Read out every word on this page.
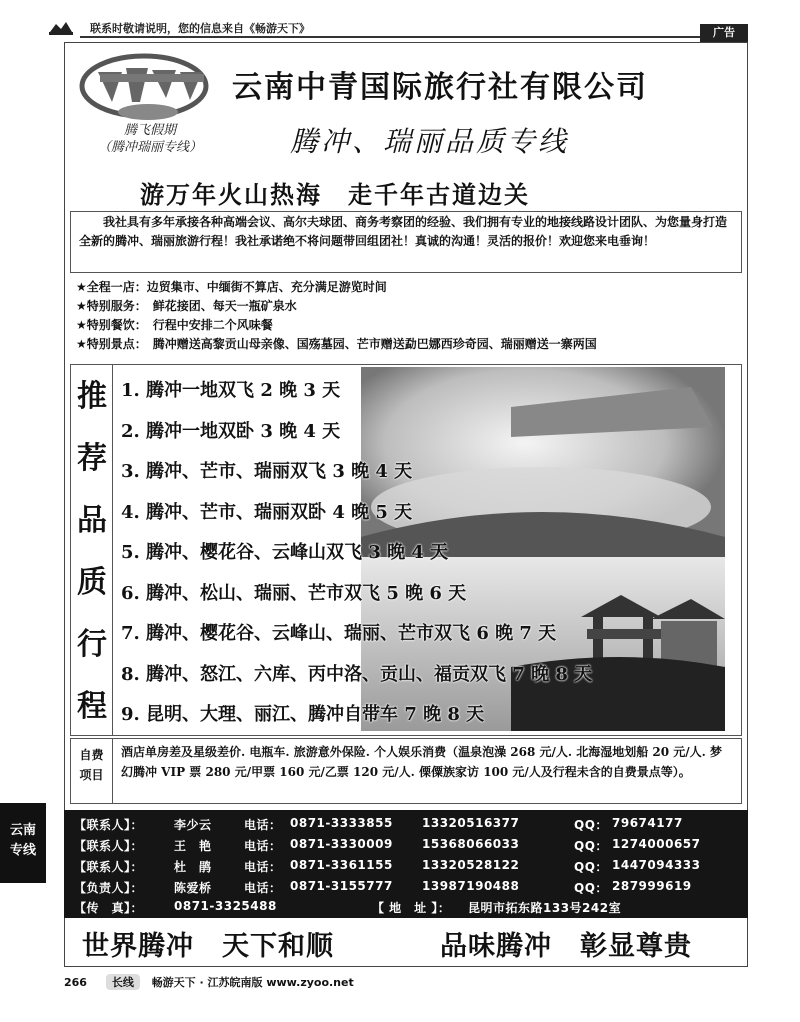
联系时敬请说明，您的信息来自《畅游天下》	广告
云南中青国际旅行社有限公司
腾飞假期
（腾冲瑞丽专线）	腾冲、瑞丽品质专线
游万年火山热海　走千年古道边关

我社具有多年承接各种高端会议、高尔夫球团、商务考察团的经验、我们拥有专业的地接线路设计团队、为您量身打造全新的腾冲、瑞丽旅游行程！我社承诺绝不将问题带回组团社！真诚的沟通！灵活的报价！欢迎您来电垂询！

★全程一店：边贸集市、中缅街不算店、充分满足游览时间
★特别服务：　鲜花接团、每天一瓶矿泉水
★特别餐饮：　行程中安排二个风味餐
★特别景点：　腾冲赠送高黎贡山母亲像、国殇墓园、芒市赠送勐巴娜西珍奇园、瑞丽赠送一寨两国
推
荐
品
质
行
程
1. 腾冲一地双飞 2 晚 3 天
2. 腾冲一地双卧 3 晚 4 天
3. 腾冲、芒市、瑞丽双飞 3 晚 4 天
4. 腾冲、芒市、瑞丽双卧 4 晚 5 天
5. 腾冲、樱花谷、云峰山双飞 3 晚 4 天
6. 腾冲、松山、瑞丽、芒市双飞 5 晚 6 天
7. 腾冲、樱花谷、云峰山、瑞丽、芒市双飞 6 晚 7 天
8. 腾冲、怒江、六库、丙中洛、贡山、福贡双飞 7 晚 8 天
9. 昆明、大理、丽江、腾冲自带车 7 晚 8 天
自费
项目
酒店单房差及星级差价. 电瓶车. 旅游意外保险. 个人娱乐消费（温泉泡澡 268 元/人. 北海湿地划船 20 元/人. 梦幻腾冲 VIP 票 280 元/甲票 160 元/乙票 120 元/人. 傈僳族家访 100 元/人及行程未含的自费景点等）。
云南
专线
【联系人】：	李少云	电话： 0871-3333855 13320516377	QQ： 79674177
【联系人】：	王　艳	电话： 0871-3330009 15368066033	QQ： 1274000657
【联系人】：	杜　鹃	电话： 0871-3361155 13320528122	QQ： 1447094333
【负责人】：	陈爱桥	电话： 0871-3155777 13987190488	QQ： 287999619
【传　真】：	0871-3325488	【 地　址 】： 昆明市拓东路133号242室
世界腾冲　天下和顺	品味腾冲　彰显尊贵
266 长线 畅游天下 · 江苏皖南版 www.zyoo.net
